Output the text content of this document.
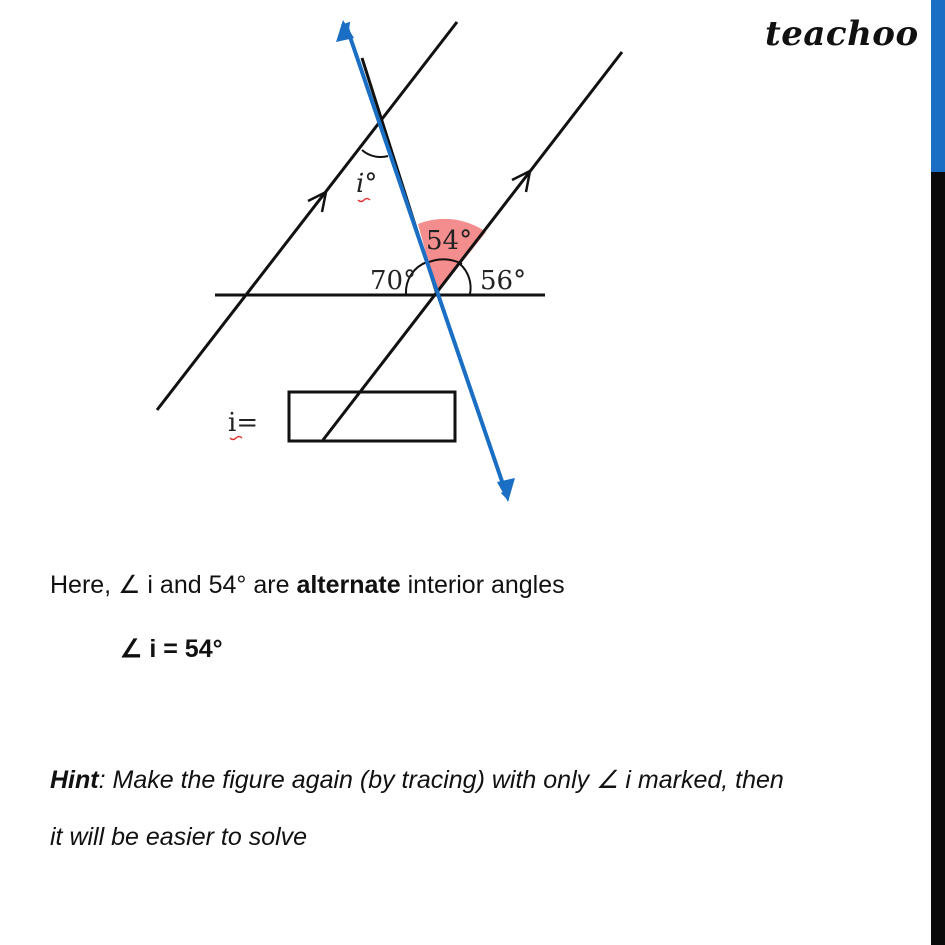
teachoo
i°
54°
70° 56°
i=
Here, ∠ i and 54° are alternate interior angles
∠ i = 54°
Hint: Make the figure again (by tracing) with only ∠ i marked, then
it will be easier to solve
